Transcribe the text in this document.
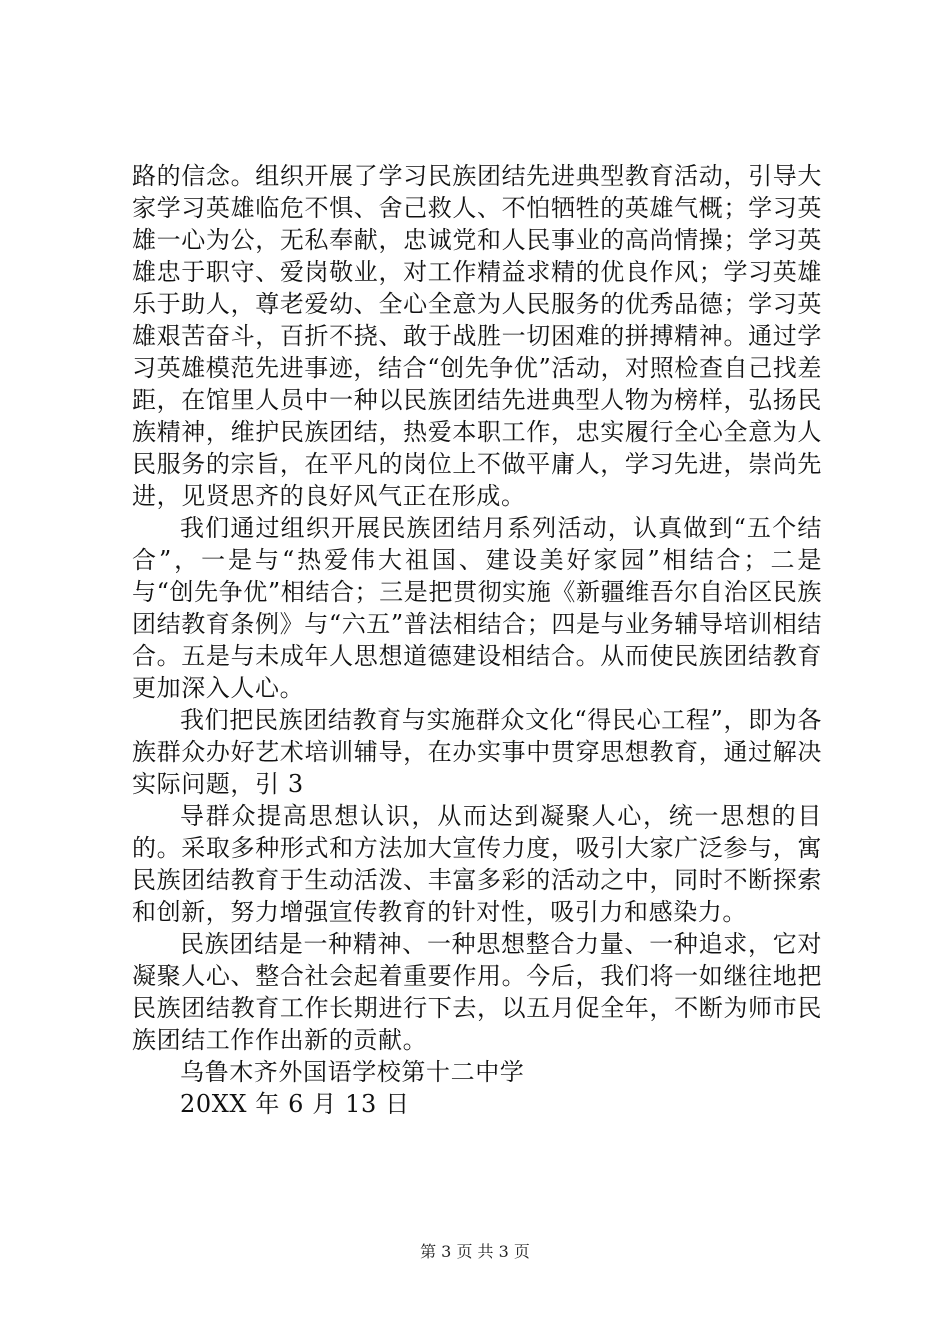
路的信念。组织开展了学习民族团结先进典型教育活动，引导大家学习英雄临危不惧、舍己救人、不怕牺牲的英雄气概；学习英雄一心为公，无私奉献，忠诚党和人民事业的高尚情操；学习英雄忠于职守、爱岗敬业，对工作精益求精的优良作风；学习英雄乐于助人，尊老爱幼、全心全意为人民服务的优秀品德；学习英雄艰苦奋斗，百折不挠、敢于战胜一切困难的拼搏精神。通过学习英雄模范先进事迹，结合“创先争优”活动，对照检查自己找差距，在馆里人员中一种以民族团结先进典型人物为榜样，弘扬民族精神，维护民族团结，热爱本职工作，忠实履行全心全意为人民服务的宗旨，在平凡的岗位上不做平庸人，学习先进，崇尚先进，见贤思齐的良好风气正在形成。

我们通过组织开展民族团结月系列活动，认真做到“五个结合”，一是与“热爱伟大祖国、建设美好家园”相结合；二是与“创先争优”相结合；三是把贯彻实施《新疆维吾尔自治区民族团结教育条例》与“六五”普法相结合；四是与业务辅导培训相结合。五是与未成年人思想道德建设相结合。从而使民族团结教育更加深入人心。

我们把民族团结教育与实施群众文化“得民心工程”，即为各族群众办好艺术培训辅导，在办实事中贯穿思想教育，通过解决实际问题，引 3

导群众提高思想认识，从而达到凝聚人心，统一思想的目的。采取多种形式和方法加大宣传力度，吸引大家广泛参与，寓民族团结教育于生动活泼、丰富多彩的活动之中，同时不断探索和创新，努力增强宣传教育的针对性，吸引力和感染力。

民族团结是一种精神、一种思想整合力量、一种追求，它对凝聚人心、整合社会起着重要作用。今后，我们将一如继往地把民族团结教育工作长期进行下去，以五月促全年，不断为师市民族团结工作作出新的贡献。

乌鲁木齐外国语学校第十二中学

20XX 年 6 月 13 日

第 3 页 共 3 页
